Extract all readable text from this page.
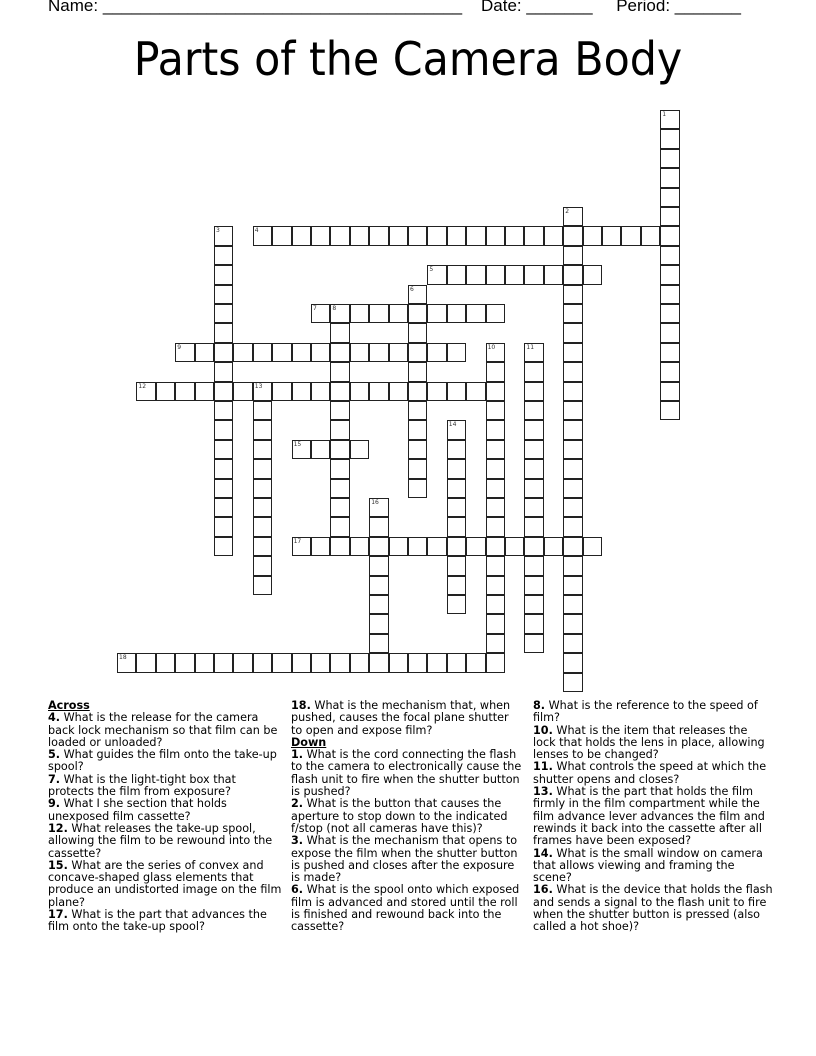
Name: ______________________________________ Date: _______ Period: _______
Parts of the Camera Body
1
2
3	4
5
6
7	8
9	10	11
12	13
14
15
16
17
18
Across
4. What is the release for the camera back lock mechanism so that film can be loaded or unloaded?
5. What guides the film onto the take-up spool?
7. What is the light-tight box that protects the film from exposure?
9. What I she section that holds unexposed film cassette?
12. What releases the take-up spool, allowing the film to be rewound into the cassette?
15. What are the series of convex and concave-shaped glass elements that produce an undistorted image on the film plane?
17. What is the part that advances the film onto the take-up spool?
18. What is the mechanism that, when pushed, causes the focal plane shutter to open and expose film?
Down
1. What is the cord connecting the flash to the camera to electronically cause the flash unit to fire when the shutter button is pushed?
2. What is the button that causes the aperture to stop down to the indicated f/stop (not all cameras have this)?
3. What is the mechanism that opens to expose the film when the shutter button is pushed and closes after the exposure is made?
6. What is the spool onto which exposed film is advanced and stored until the roll is finished and rewound back into the cassette?
8. What is the reference to the speed of film?
10. What is the item that releases the lock that holds the lens in place, allowing lenses to be changed?
11. What controls the speed at which the shutter opens and closes?
13. What is the part that holds the film firmly in the film compartment while the film advance lever advances the film and rewinds it back into the cassette after all frames have been exposed?
14. What is the small window on camera that allows viewing and framing the scene?
16. What is the device that holds the flash and sends a signal to the flash unit to fire when the shutter button is pressed (also called a hot shoe)?
